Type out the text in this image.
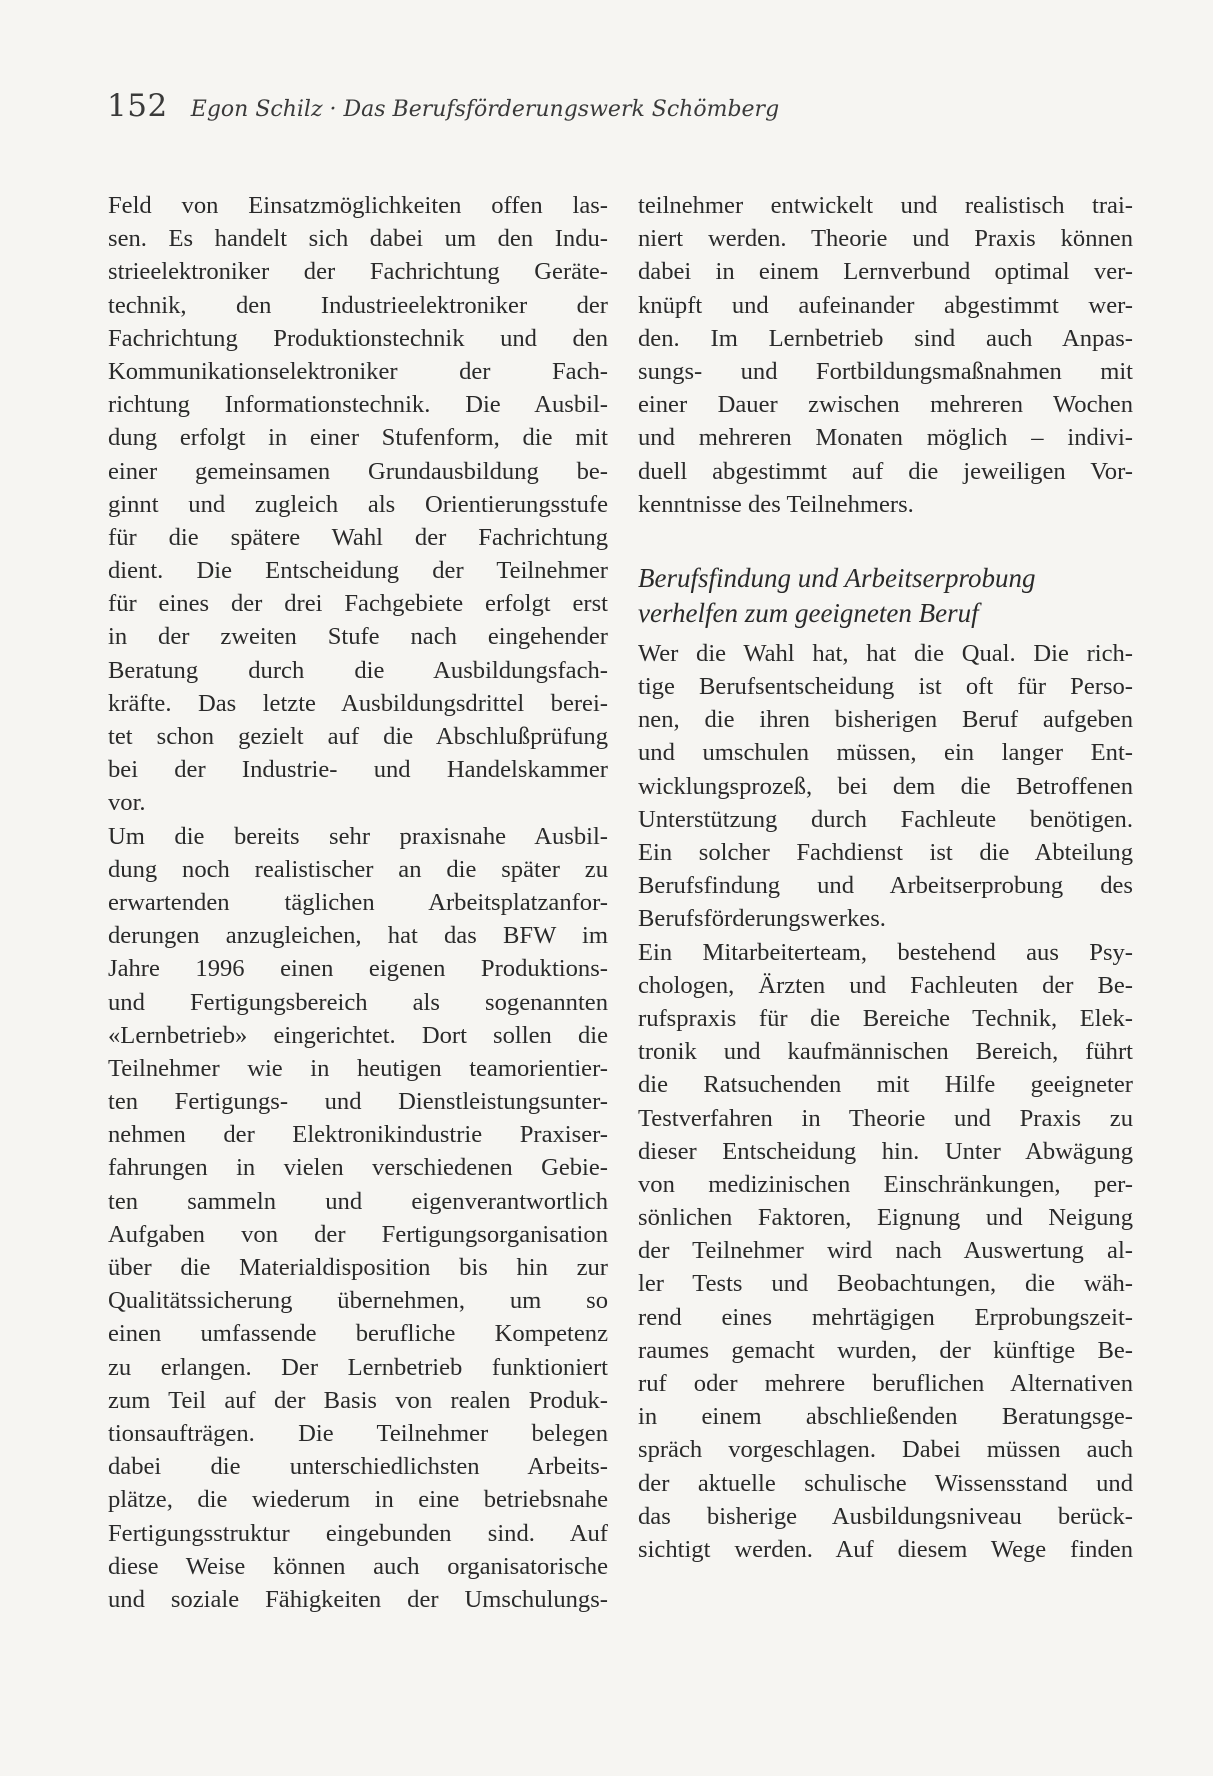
152 Egon Schilz · Das Berufsförderungswerk Schömberg
Feld von Einsatzmöglichkeiten offen las-
sen. Es handelt sich dabei um den Indu-
strieelektroniker der Fachrichtung Geräte-
technik, den Industrieelektroniker der
Fachrichtung Produktionstechnik und den
Kommunikationselektroniker der Fach-
richtung Informationstechnik. Die Ausbil-
dung erfolgt in einer Stufenform, die mit
einer gemeinsamen Grundausbildung be-
ginnt und zugleich als Orientierungsstufe
für die spätere Wahl der Fachrichtung
dient. Die Entscheidung der Teilnehmer
für eines der drei Fachgebiete erfolgt erst
in der zweiten Stufe nach eingehender
Beratung durch die Ausbildungsfach-
kräfte. Das letzte Ausbildungsdrittel berei-
tet schon gezielt auf die Abschlußprüfung
bei der Industrie- und Handelskammer
vor.
Um die bereits sehr praxisnahe Ausbil-
dung noch realistischer an die später zu
erwartenden täglichen Arbeitsplatzanfor-
derungen anzugleichen, hat das BFW im
Jahre 1996 einen eigenen Produktions-
und Fertigungsbereich als sogenannten
«Lernbetrieb» eingerichtet. Dort sollen die
Teilnehmer wie in heutigen teamorientier-
ten Fertigungs- und Dienstleistungsunter-
nehmen der Elektronikindustrie Praxiser-
fahrungen in vielen verschiedenen Gebie-
ten sammeln und eigenverantwortlich
Aufgaben von der Fertigungsorganisation
über die Materialdisposition bis hin zur
Qualitätssicherung übernehmen, um so
einen umfassende berufliche Kompetenz
zu erlangen. Der Lernbetrieb funktioniert
zum Teil auf der Basis von realen Produk-
tionsaufträgen. Die Teilnehmer belegen
dabei die unterschiedlichsten Arbeits-
plätze, die wiederum in eine betriebsnahe
Fertigungsstruktur eingebunden sind. Auf
diese Weise können auch organisatorische
und soziale Fähigkeiten der Umschulungs-
teilnehmer entwickelt und realistisch trai-
niert werden. Theorie und Praxis können
dabei in einem Lernverbund optimal ver-
knüpft und aufeinander abgestimmt wer-
den. Im Lernbetrieb sind auch Anpas-
sungs- und Fortbildungsmaßnahmen mit
einer Dauer zwischen mehreren Wochen
und mehreren Monaten möglich – indivi-
duell abgestimmt auf die jeweiligen Vor-
kenntnisse des Teilnehmers.
Berufsfindung und Arbeitserprobung
verhelfen zum geeigneten Beruf
Wer die Wahl hat, hat die Qual. Die rich-
tige Berufsentscheidung ist oft für Perso-
nen, die ihren bisherigen Beruf aufgeben
und umschulen müssen, ein langer Ent-
wicklungsprozeß, bei dem die Betroffenen
Unterstützung durch Fachleute benötigen.
Ein solcher Fachdienst ist die Abteilung
Berufsfindung und Arbeitserprobung des
Berufsförderungswerkes.
Ein Mitarbeiterteam, bestehend aus Psy-
chologen, Ärzten und Fachleuten der Be-
rufspraxis für die Bereiche Technik, Elek-
tronik und kaufmännischen Bereich, führt
die Ratsuchenden mit Hilfe geeigneter
Testverfahren in Theorie und Praxis zu
dieser Entscheidung hin. Unter Abwägung
von medizinischen Einschränkungen, per-
sönlichen Faktoren, Eignung und Neigung
der Teilnehmer wird nach Auswertung al-
ler Tests und Beobachtungen, die wäh-
rend eines mehrtägigen Erprobungszeit-
raumes gemacht wurden, der künftige Be-
ruf oder mehrere beruflichen Alternativen
in einem abschließenden Beratungsge-
spräch vorgeschlagen. Dabei müssen auch
der aktuelle schulische Wissensstand und
das bisherige Ausbildungsniveau berück-
sichtigt werden. Auf diesem Wege finden
